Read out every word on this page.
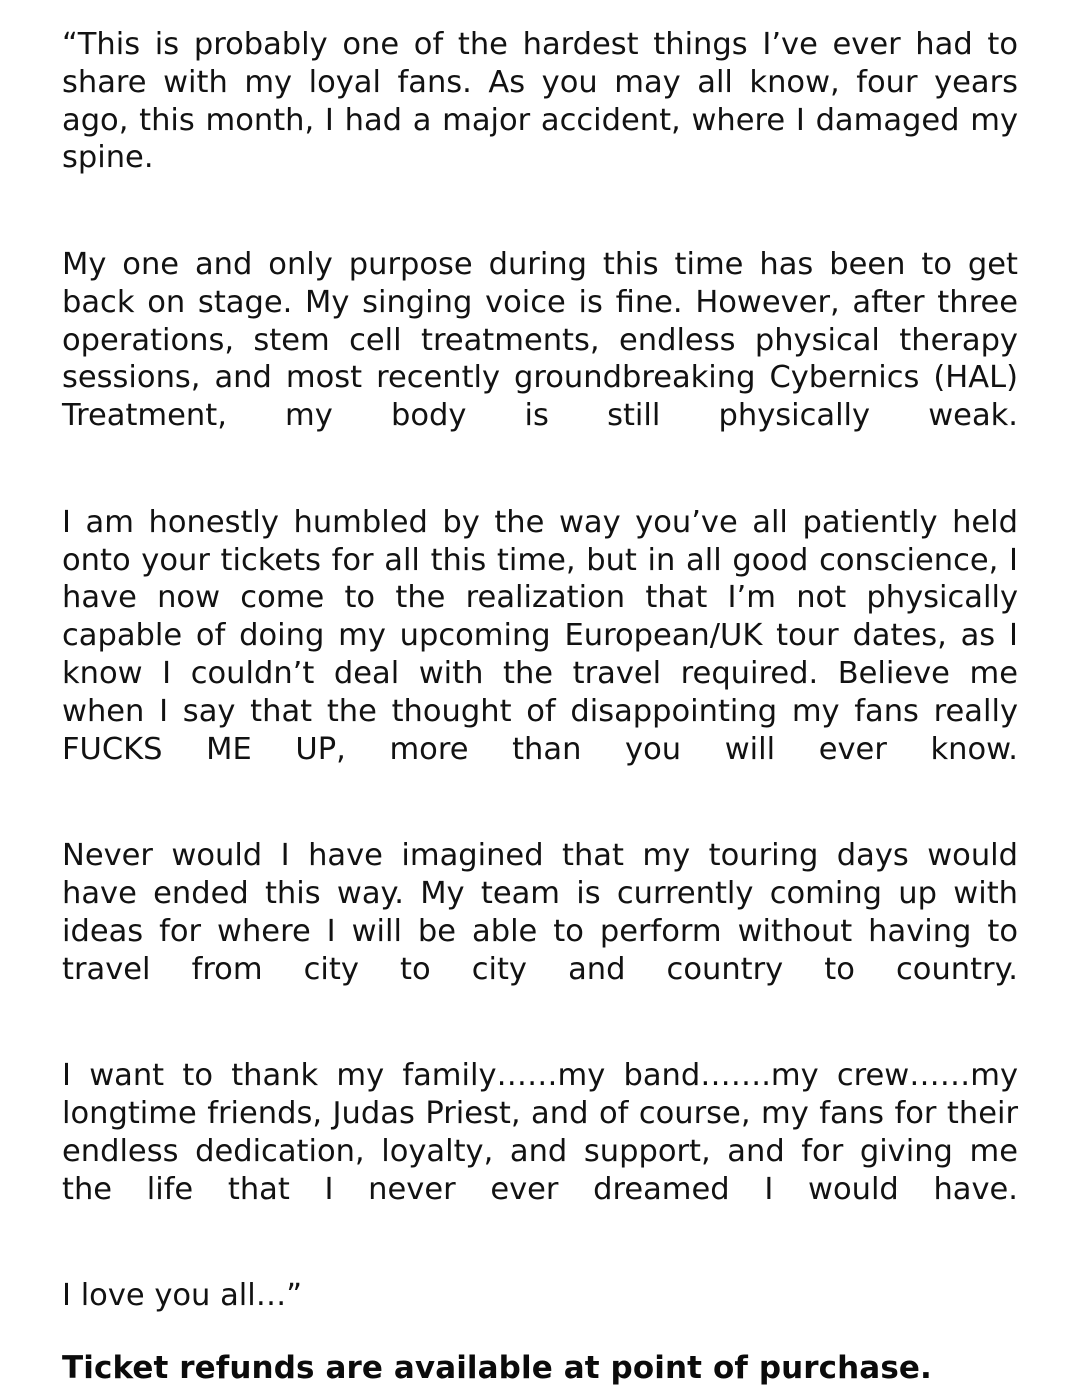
“This is probably one of the hardest things I’ve ever had to share with my loyal fans. As you may all know, four years ago, this month, I had a major accident, where I damaged my spine.

My one and only purpose during this time has been to get back on stage. My singing voice is fine. However, after three operations, stem cell treatments, endless physical therapy sessions, and most recently groundbreaking Cybernics (HAL) Treatment, my body is still physically weak.

I am honestly humbled by the way you’ve all patiently held onto your tickets for all this time, but in all good conscience, I have now come to the realization that I’m not physically capable of doing my upcoming European/UK tour dates, as I know I couldn’t deal with the travel required. Believe me when I say that the thought of disappointing my fans really FUCKS ME UP, more than you will ever know.

Never would I have imagined that my touring days would have ended this way. My team is currently coming up with ideas for where I will be able to perform without having to travel from city to city and country to country.

I want to thank my family……my band…….my crew……my longtime friends, Judas Priest, and of course, my fans for their endless dedication, loyalty, and support, and for giving me the life that I never ever dreamed I would have.

I love you all…”

Ticket refunds are available at point of purchase.
